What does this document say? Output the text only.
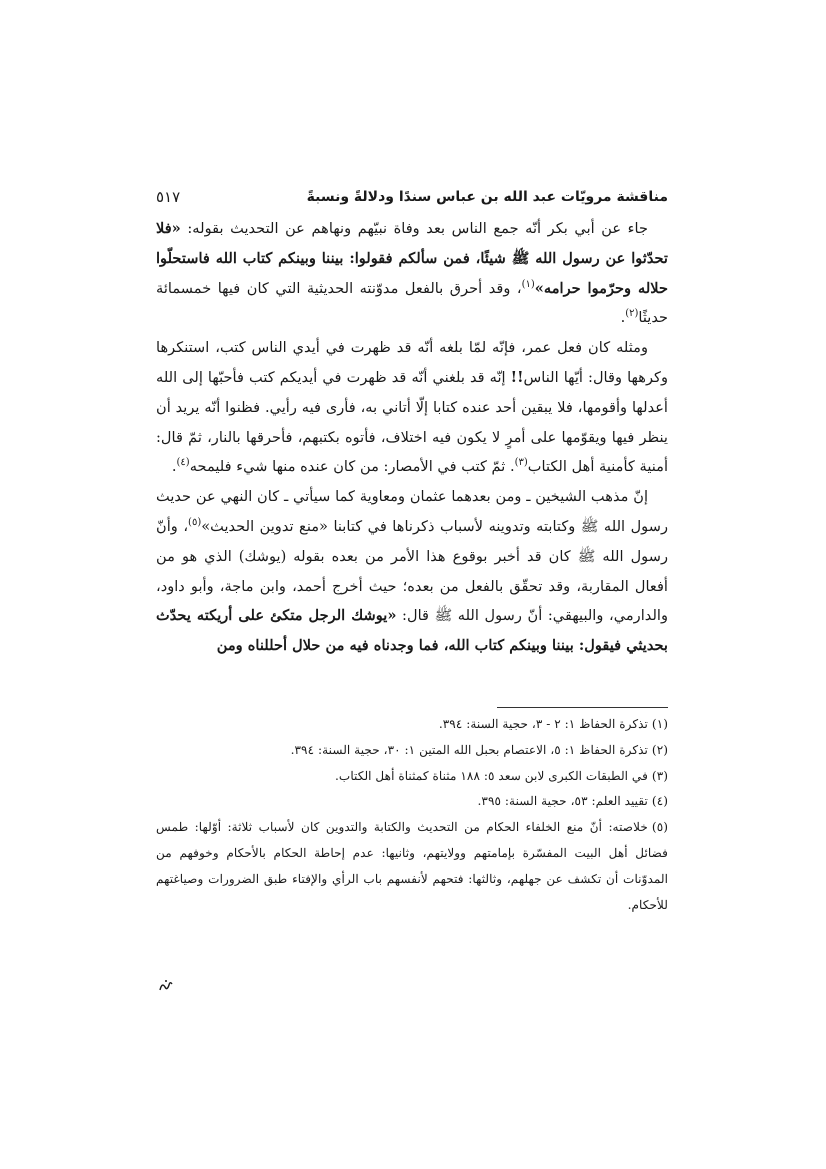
مناقشة مرويّات عبد الله بن عباس سندًا ودلالةً ونسبةً
٥١٧

جاء عن أبي بكر أنّه جمع الناس بعد وفاة نبيّهم ونهاهم عن التحديث بقوله: «فلا تحدّثوا عن رسول الله ﷺ شيئًا، فمن سألكم فقولوا: بيننا وبينكم كتاب الله فاستحلّوا حلاله وحرّموا حرامه»$^{(١)}$، وقد أحرق بالفعل مدوّنته الحديثية التي كان فيها خمسمائة حديثًا$^{(٢)}$.

ومثله كان فعل عمر، فإنّه لمّا بلغه أنّه قد ظهرت في أيدي الناس كتب، استنكرها وكرهها وقال: أيّها الناس!! إنّه قد بلغني أنّه قد ظهرت في أيديكم كتب فأحبّها إلى الله أعدلها وأقومها، فلا يبقين أحد عنده كتابا إلّا أتاني به، فأرى فيه رأيي. فظنوا أنّه يريد أن ينظر فيها ويقوّمها على أمرٍ لا يكون فيه اختلاف، فأتوه بكتبهم، فأحرقها بالنار، ثمّ قال: أمنية كأمنية أهل الكتاب$^{(٣)}$. ثمّ كتب في الأمصار: من كان عنده منها شيء فليمحه$^{(٤)}$.

إنّ مذهب الشيخين ـ ومن بعدهما عثمان ومعاوية كما سيأتي ـ كان النهي عن حديث رسول الله ﷺ وكتابته وتدوينه لأسباب ذكرناها في كتابنا «منع تدوين الحديث»$^{(٥)}$، وأنّ رسول الله ﷺ كان قد أخبر بوقوع هذا الأمر من بعده بقوله (يوشك) الذي هو من أفعال المقاربة، وقد تحقّق بالفعل من بعده؛ حيث أخرج أحمد، وابن ماجة، وأبو داود، والدارمي، والبيهقي: أنّ رسول الله ﷺ قال: «يوشك الرجل متكئ على أريكته يحدّث بحديثي فيقول: بيننا وبينكم كتاب الله، فما وجدناه فيه من حلال أحللناه ومن

(١)تذكرة الحفاظ ١: ٢ - ٣، حجية السنة: ٣٩٤.

(٢)تذكرة الحفاظ ١: ٥، الاعتصام بحبل الله المتين ١: ٣٠، حجية السنة: ٣٩٤.

(٣)في الطبقات الكبرى لابن سعد ٥: ١٨٨ مثناة كمثناة أهل الكتاب.

(٤)تقييد العلم: ٥٣، حجية السنة: ٣٩٥.

(٥)خلاصته: أنّ منع الخلفاء الحكام من التحديث والكتابة والتدوين كان لأسباب ثلاثة: أوّلها: طمس فضائل أهل البيت المفسّرة بإمامتهم وولايتهم، وثانيها: عدم إحاطة الحكام بالأحكام وخوفهم من المدوّنات أن تكشف عن جهلهم، وثالثها: فتحهم لأنفسهم باب الرأي والإفتاء طبق الضرورات وصياغتهم للأحكام.
